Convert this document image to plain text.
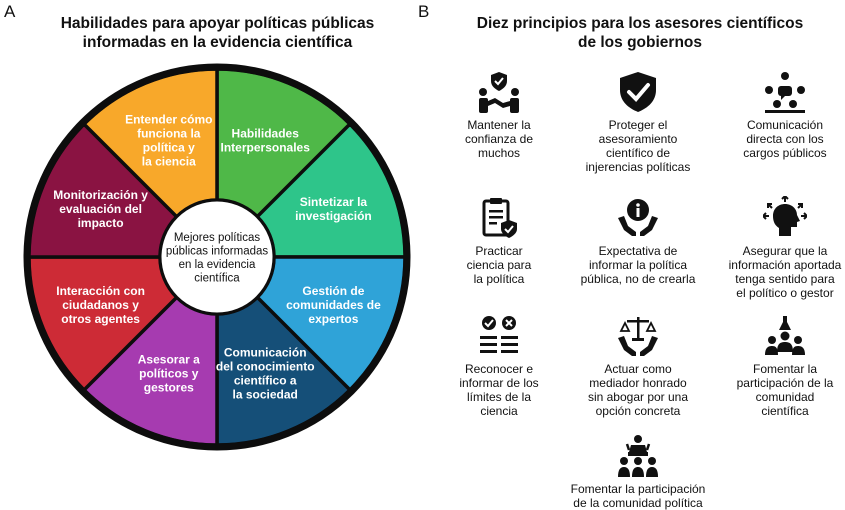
A
Habilidades para apoyar políticas públicas
informadas en la evidencia científica
Mejores políticas públicas informadas en la evidencia científica
Habilidades Interpersonales
Sintetizar la investigación
Gestión de comunidades de expertos
Comunicación del conocimiento científico a la sociedad
Asesorar a políticos y gestores
Interacción con ciudadanos y otros agentes
Monitorización y evaluación del impacto
Entender cómo funciona la política y la ciencia
B
Diez principios para los asesores científicos
de los gobiernos
Mantener la
confianza de
muchos
Proteger el
asesoramiento
científico de
injerencias políticas
Comunicación
directa con los
cargos públicos
Practicar
ciencia para
la política
Expectativa de
informar la política
pública, no de crearla
Asegurar que la
información aportada
tenga sentido para
el político o gestor
Reconocer e
informar de los
límites de la
ciencia
Actuar como
mediador honrado
sin abogar por una
opción concreta
Fomentar la
participación de la
comunidad
científica
Fomentar la participación
de la comunidad política
